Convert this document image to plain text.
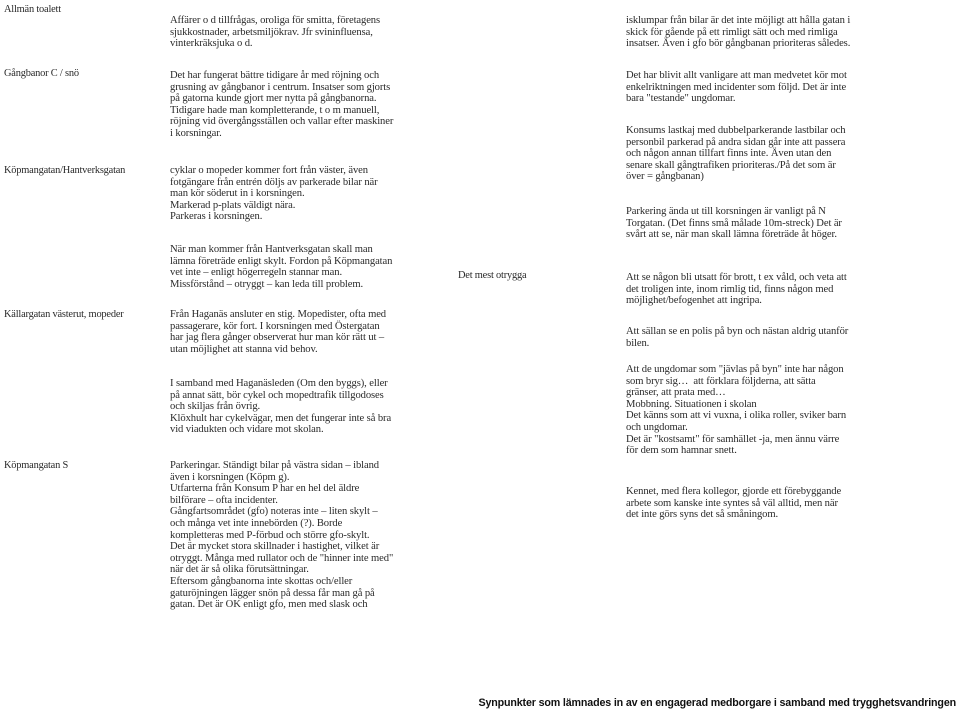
Allmän toalett

Gångbanor C / snö

Köpmangatan/Hantverksgatan

Källargatan västerut, mopeder

Köpmangatan S

Affärer o d tillfrågas, oroliga för smitta, företagens
sjukkostnader, arbetsmiljökrav. Jfr svininfluensa,
vinterkräksjuka o d.

Det har fungerat bättre tidigare år med röjning och
grusning av gångbanor i centrum. Insatser som gjorts
på gatorna kunde gjort mer nytta på gångbanorna.
Tidigare hade man kompletterande, t o m manuell,
röjning vid övergångsställen och vallar efter maskiner
i korsningar.

cyklar o mopeder kommer fort från väster, även
fotgängare från entrén döljs av parkerade bilar när
man kör söderut in i korsningen.
Markerad p-plats väldigt nära.
Parkeras i korsningen.

När man kommer från Hantverksgatan skall man
lämna företräde enligt skylt. Fordon på Köpmangatan
vet inte – enligt högerregeln stannar man.
Missförstånd – otryggt – kan leda till problem.

Från Haganäs ansluter en stig. Mopedister, ofta med
passagerare, kör fort. I korsningen med Östergatan
har jag flera gånger observerat hur man kör rätt ut –
utan möjlighet att stanna vid behov.

I samband med Haganäsleden (Om den byggs), eller
på annat sätt, bör cykel och mopedtrafik tillgodoses
och skiljas från övrig.
Klöxhult har cykelvägar, men det fungerar inte så bra
vid viadukten och vidare mot skolan.

Parkeringar. Ständigt bilar på västra sidan – ibland
även i korsningen (Köpm g).
Utfarterna från Konsum P har en hel del äldre
bilförare – ofta incidenter.
Gångfartsområdet (gfo) noteras inte – liten skylt –
och många vet inte innebörden (?). Borde
kompletteras med P-förbud och större gfo-skylt.
Det är mycket stora skillnader i hastighet, vilket är
otryggt. Många med rullator och de "hinner inte med"
när det är så olika förutsättningar.
Eftersom gångbanorna inte skottas och/eller
gaturöjningen lägger snön på dessa får man gå på
gatan. Det är OK enligt gfo, men med slask och

Det mest otrygga

isklumpar från bilar är det inte möjligt att hålla gatan i
skick för gående på ett rimligt sätt och med rimliga
insatser. Även i gfo bör gångbanan prioriteras således.

Det har blivit allt vanligare att man medvetet kör mot
enkelriktningen med incidenter som följd. Det är inte
bara "testande" ungdomar.

Konsums lastkaj med dubbelparkerande lastbilar och
personbil parkerad på andra sidan går inte att passera
och någon annan tillfart finns inte. Även utan den
senare skall gångtrafiken prioriteras./På det som är
över = gångbanan)

Parkering ända ut till korsningen är vanligt på N
Torgatan. (Det finns små målade 10m-streck) Det är
svårt att se, när man skall lämna företräde åt höger.

Att se någon bli utsatt för brott, t ex våld, och veta att
det troligen inte, inom rimlig tid, finns någon med
möjlighet/befogenhet att ingripa.

Att sällan se en polis på byn och nästan aldrig utanför
bilen.

Att de ungdomar som "jävlas på byn" inte har någon
som bryr sig…  att förklara följderna, att sätta
gränser, att prata med…
Mobbning. Situationen i skolan
Det känns som att vi vuxna, i olika roller, sviker barn
och ungdomar.
Det är "kostsamt" för samhället -ja, men ännu värre
för dem som hamnar snett.

Kennet, med flera kollegor, gjorde ett förebyggande
arbete som kanske inte syntes så väl alltid, men när
det inte görs syns det så småningom.

Synpunkter som lämnades in av en engagerad medborgare i samband med trygghetsvandringen
